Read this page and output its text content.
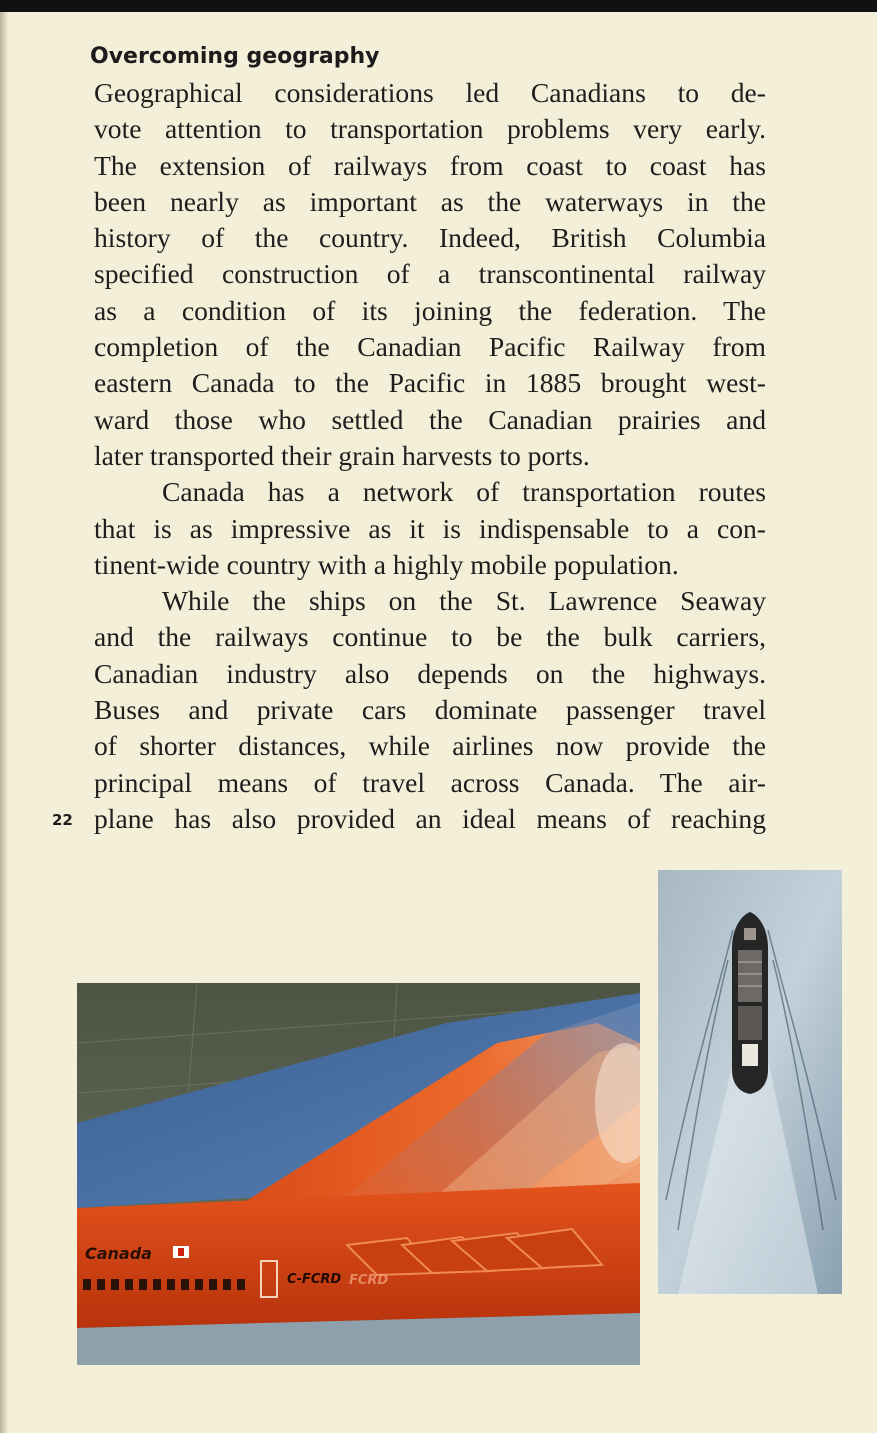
Overcoming geography

Geographical considerations led Canadians to de-

vote attention to transportation problems very early.

The extension of railways from coast to coast has

been nearly as important as the waterways in the

history of the country. Indeed, British Columbia

specified construction of a transcontinental railway

as a condition of its joining the federation. The

completion of the Canadian Pacific Railway from

eastern Canada to the Pacific in 1885 brought west-

ward those who settled the Canadian prairies and

later transported their grain harvests to ports.

Canada has a network of transportation routes

that is as impressive as it is indispensable to a con-

tinent-wide country with a highly mobile population.

While the ships on the St. Lawrence Seaway

and the railways continue to be the bulk carriers,

Canadian industry also depends on the highways.

Buses and private cars dominate passenger travel

of shorter distances, while airlines now provide the

principal means of travel across Canada. The air-

plane has also provided an ideal means of reaching

22
Canada
C-FCRD FCRD
